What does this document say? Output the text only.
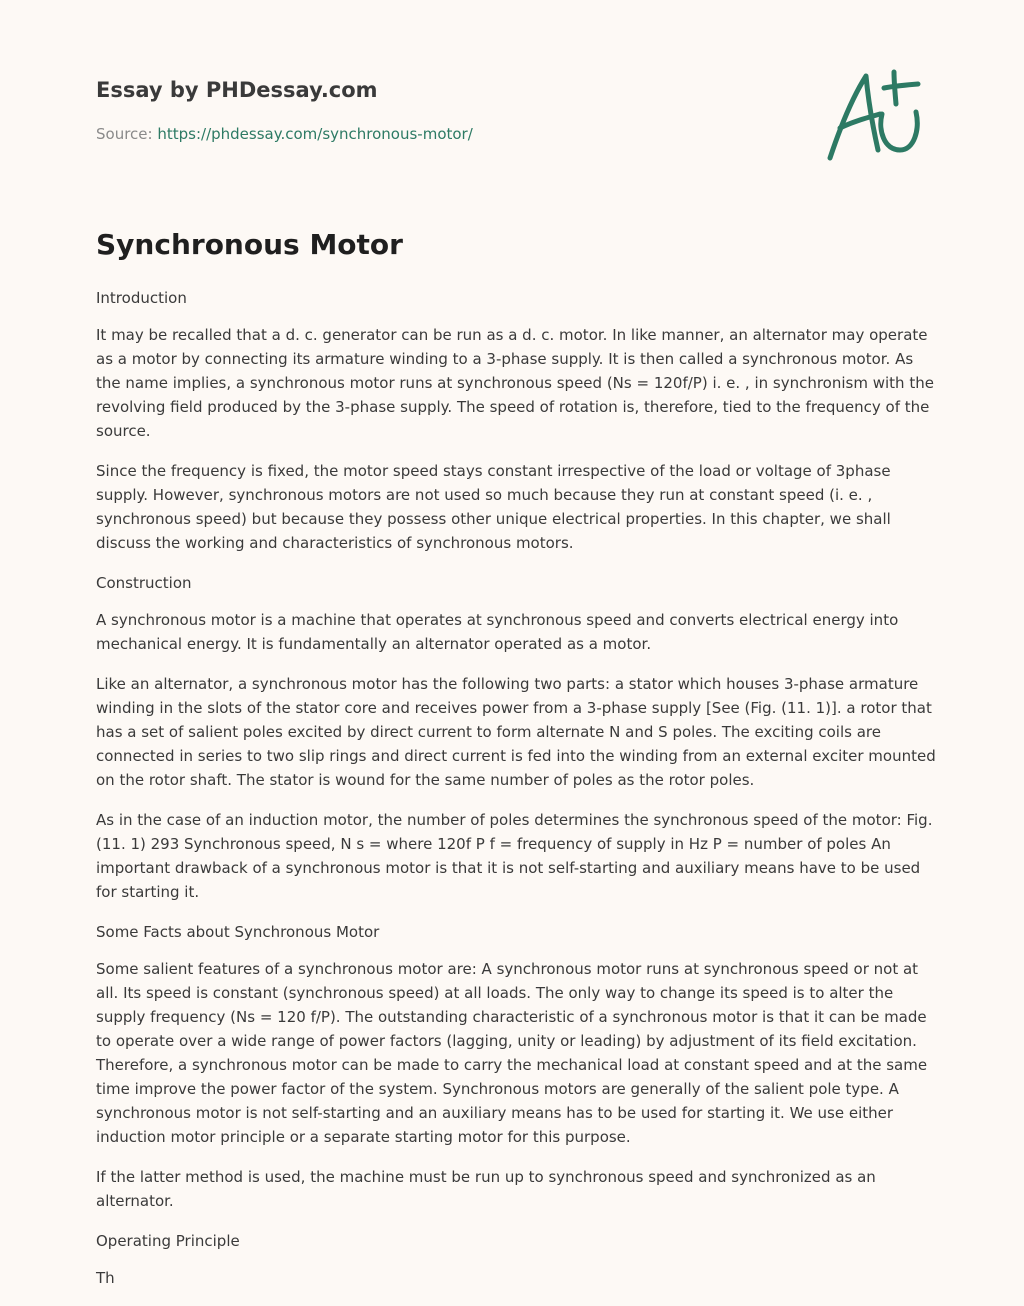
Essay by PHDessay.com
Source: https://phdessay.com/synchronous-motor/
Synchronous Motor

Introduction

It may be recalled that a d. c. generator can be run as a d. c. motor. In like manner, an alternator may operate as a motor by connecting its armature winding to a 3-phase supply. It is then called a synchronous motor. As the name implies, a synchronous motor runs at synchronous speed (Ns = 120f/P) i. e. , in synchronism with the revolving field produced by the 3-phase supply. The speed of rotation is, therefore, tied to the frequency of the source.

Since the frequency is fixed, the motor speed stays constant irrespective of the load or voltage of 3phase supply. However, synchronous motors are not used so much because they run at constant speed (i. e. , synchronous speed) but because they possess other unique electrical properties. In this chapter, we shall discuss the working and characteristics of synchronous motors.

Construction

A synchronous motor is a machine that operates at synchronous speed and converts electrical energy into mechanical energy. It is fundamentally an alternator operated as a motor.

Like an alternator, a synchronous motor has the following two parts: a stator which houses 3-phase armature winding in the slots of the stator core and receives power from a 3-phase supply [See (Fig. (11. 1)]. a rotor that has a set of salient poles excited by direct current to form alternate N and S poles. The exciting coils are connected in series to two slip rings and direct current is fed into the winding from an external exciter mounted on the rotor shaft. The stator is wound for the same number of poles as the rotor poles.

As in the case of an induction motor, the number of poles determines the synchronous speed of the motor: Fig. (11. 1) 293 Synchronous speed, N s = where 120f P f = frequency of supply in Hz P = number of poles An important drawback of a synchronous motor is that it is not self-starting and auxiliary means have to be used for starting it.

Some Facts about Synchronous Motor

Some salient features of a synchronous motor are: A synchronous motor runs at synchronous speed or not at all. Its speed is constant (synchronous speed) at all loads. The only way to change its speed is to alter the supply frequency (Ns = 120 f/P). The outstanding characteristic of a synchronous motor is that it can be made to operate over a wide range of power factors (lagging, unity or leading) by adjustment of its field excitation. Therefore, a synchronous motor can be made to carry the mechanical load at constant speed and at the same time improve the power factor of the system. Synchronous motors are generally of the salient pole type. A synchronous motor is not self-starting and an auxiliary means has to be used for starting it. We use either induction motor principle or a separate starting motor for this purpose.

If the latter method is used, the machine must be run up to synchronous speed and synchronized as an alternator.

Operating Principle

Th
